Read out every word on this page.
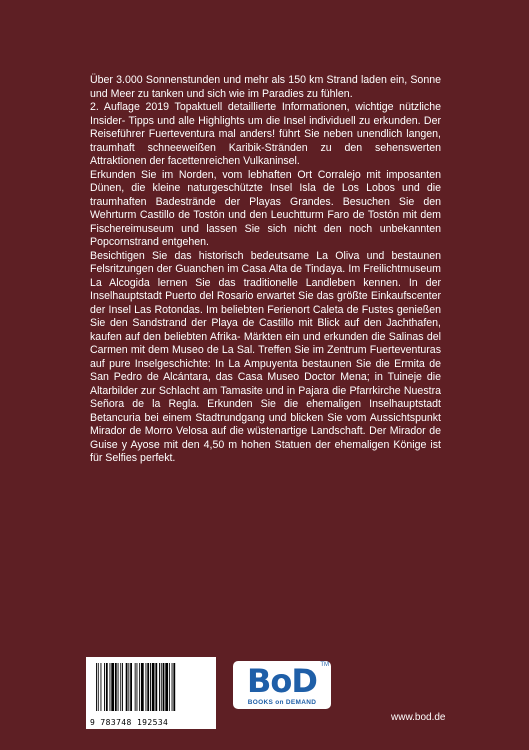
Über 3.000 Sonnenstunden und mehr als 150 km Strand laden ein, Sonne und Meer zu tanken und sich wie im Paradies zu fühlen.

2. Auflage 2019 Topaktuell detaillierte Informationen, wichtige nützliche Insider- Tipps und alle Highlights um die Insel individuell zu erkunden. Der Reiseführer Fuerteventura mal anders! führt Sie neben unendlich langen, traumhaft schneeweißen Karibik-Stränden zu den sehenswerten Attraktionen der facettenreichen Vulkaninsel.

Erkunden Sie im Norden, vom lebhaften Ort Corralejo mit imposanten Dünen, die kleine naturgeschützte Insel Isla de Los Lobos und die traumhaften Badestrände der Playas Grandes. Besuchen Sie den Wehrturm Castillo de Tostón und den Leuchtturm Faro de Tostón mit dem Fischereimuseum und lassen Sie sich nicht den noch unbekannten Popcornstrand entgehen.

Besichtigen Sie das historisch bedeutsame La Oliva und bestaunen Felsritzungen der Guanchen im Casa Alta de Tindaya. Im Freilichtmuseum La Alcogida lernen Sie das traditionelle Landleben kennen. In der Inselhauptstadt Puerto del Rosario erwartet Sie das größte Einkaufscenter der Insel Las Rotondas. Im beliebten Ferienort Caleta de Fustes genießen Sie den Sandstrand der Playa de Castillo mit Blick auf den Jachthafen, kaufen auf den beliebten Afrika- Märkten ein und erkunden die Salinas del Carmen mit dem Museo de La Sal. Treffen Sie im Zentrum Fuerteventuras auf pure Inselgeschichte: In La Ampuyenta bestaunen Sie die Ermita de San Pedro de Alcántara, das Casa Museo Doctor Mena; in Tuineje die Altarbilder zur Schlacht am Tamasite und in Pajara die Pfarrkirche Nuestra Señora de la Regla. Erkunden Sie die ehemaligen Inselhauptstadt Betancuria bei einem Stadtrundgang und blicken Sie vom Aussichtspunkt Mirador de Morro Velosa auf die wüstenartige Landschaft. Der Mirador de Guise y Ayose mit den 4,50 m hohen Statuen der ehemaligen Könige ist für Selfies perfekt.

9 783748 192534
BoD TM
BOOKS on DEMAND
www.bod.de
